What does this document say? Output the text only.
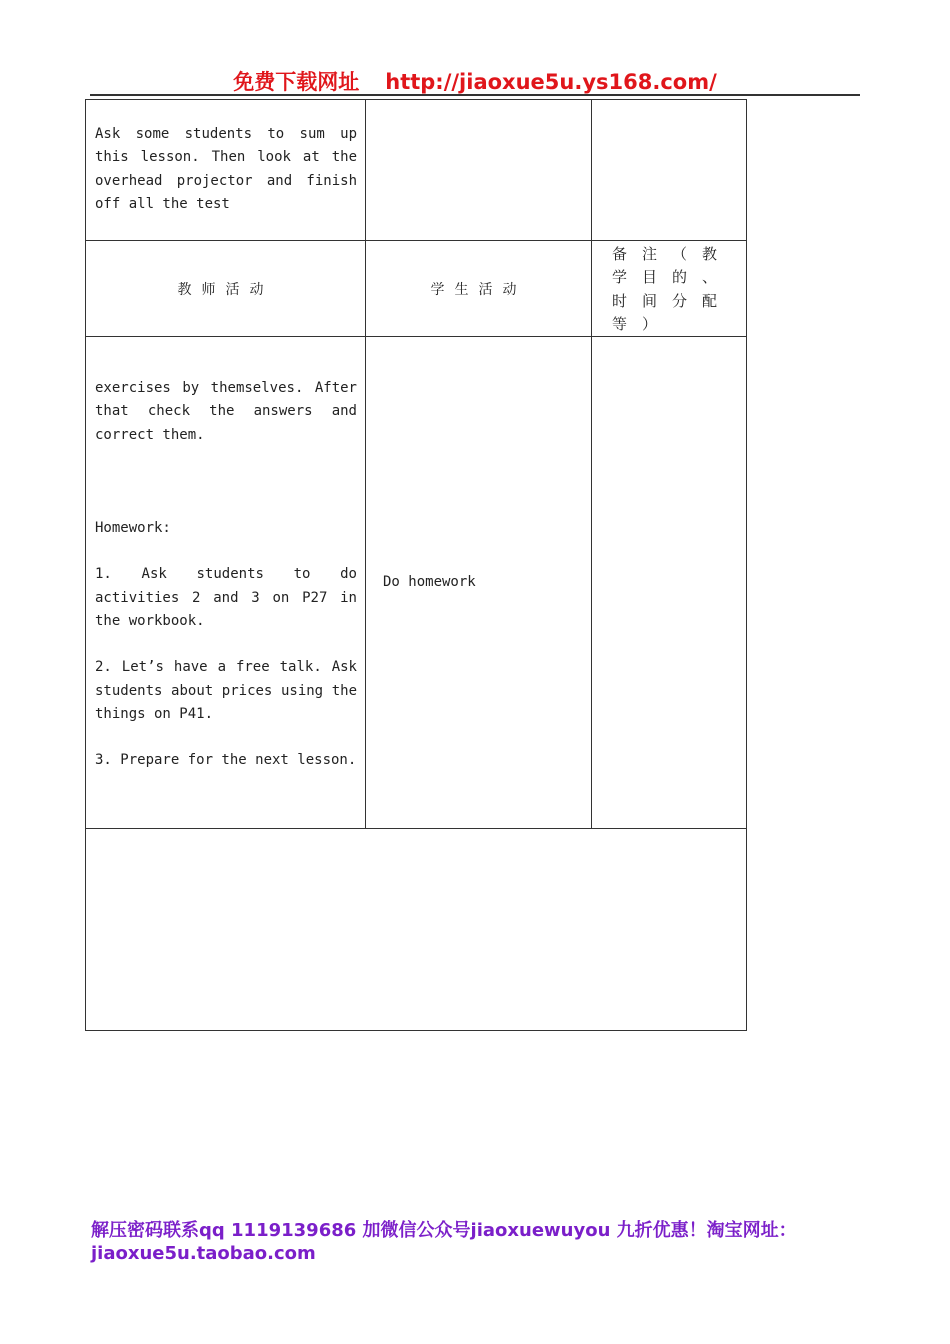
免费下载网址 http://jiaoxue5u.ys168.com/
Ask some students to sum up this lesson. Then look at the overhead projector and finish off all the test		

教师活动	学生活动	备 注 （ 教学 目 的 、时 间 分 配等 ）

exercises by themselves. After that check the answers and correct them.
Homework:
1. Ask students to do activities 2 and 3 on P27 in the workbook.
2. Let’s have a free talk. Ask students about prices using the things on P41.
3. Prepare for the next lesson.	Do homework	

解压密码联系qq 1119139686 加微信公众号jiaoxuewuyou 九折优惠！淘宝网址：jiaoxue5u.taobao.com
